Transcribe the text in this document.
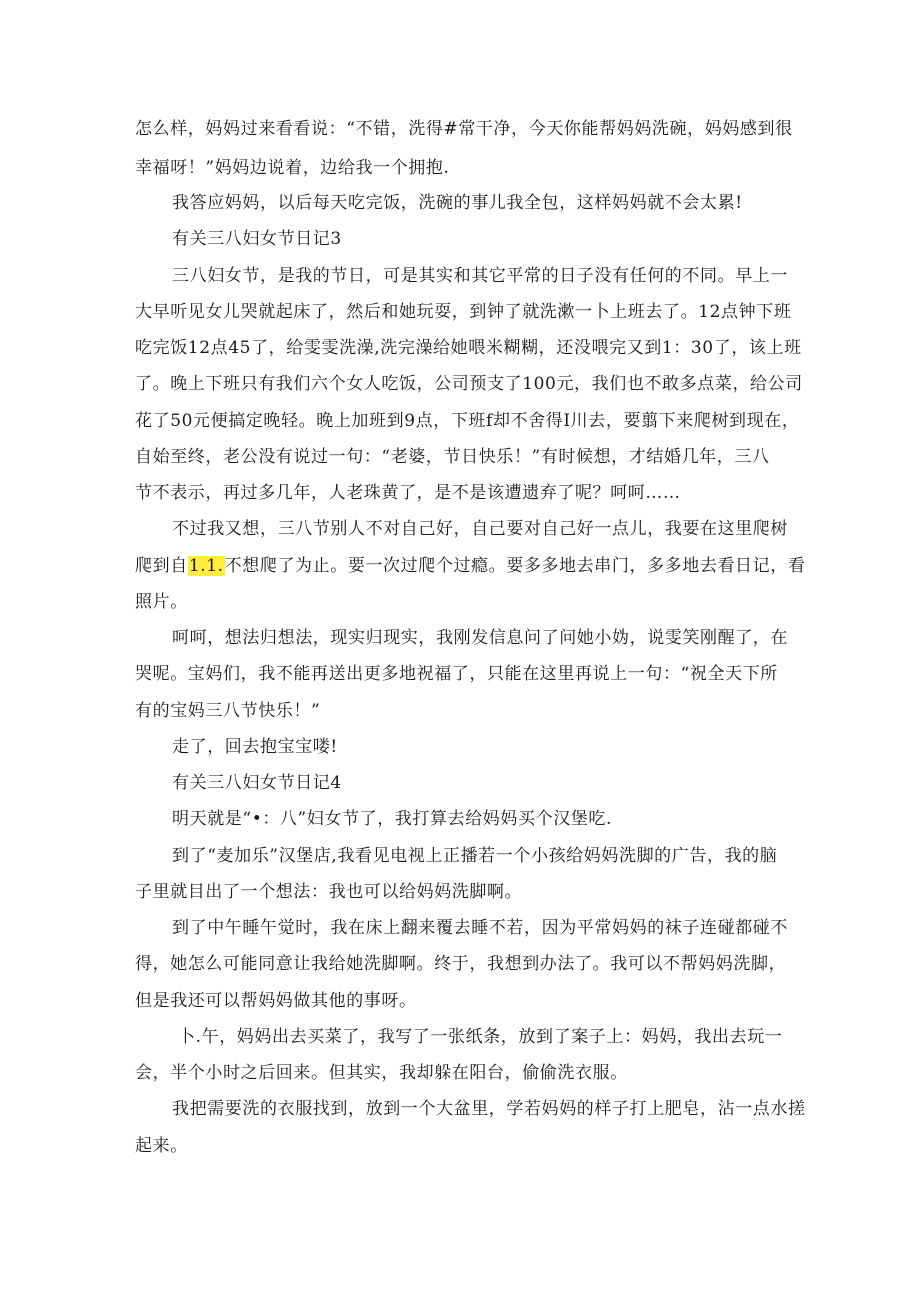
怎么样，妈妈过来看看说：“不错，洗得#常干净，今天你能帮妈妈洗碗，妈妈感到很
幸福呀！”妈妈边说着，边给我一个拥抱.
我答应妈妈，以后每天吃完饭，洗碗的事儿我全包，这样妈妈就不会太累!
有关三八妇女节日记3
三八妇女节，是我的节日，可是其实和其它平常的日子没有任何的不同。早上一
大早听见女儿哭就起床了，然后和她玩耍，到钟了就洗漱一卜上班去了。12点钟下班
吃完饭12点45了，给雯雯洗澡,洗完澡给她喂米糊糊，还没喂完又到1：30了，该上班
了。晚上下班只有我们六个女人吃饭，公司预支了100元，我们也不敢多点菜，给公司
花了50元便搞定晚轻。晚上加班到9点，下班f却不舍得I川去，要翦下来爬树到现在，
自始至终，老公没有说过一句：“老婆，节日快乐！”有时候想，才结婚几年，三八
节不表示，再过多几年，人老珠黄了，是不是该遭遗弃了呢？呵呵……
不过我又想，三八节别人不对自己好，自己要对自己好一点儿，我要在这里爬树
爬到自1.1.不想爬了为止。要一次过爬个过瘾。要多多地去串门，多多地去看日记，看
照片。
呵呵，想法归想法，现实归现实，我刚发信息问了问她小妫，说雯笑刚醒了，在
哭呢。宝妈们，我不能再送出更多地祝福了，只能在这里再说上一句：“祝全天下所
有的宝妈三八节快乐！”
走了，回去抱宝宝喽!
有关三八妇女节日记4
明天就是“•：八”妇女节了，我打算去给妈妈买个汉堡吃.
到了“麦加乐”汉堡店,我看见电视上正播若一个小孩给妈妈洗脚的广告，我的脑
子里就目出了一个想法：我也可以给妈妈洗脚啊。
到了中午睡午觉时，我在床上翻来覆去睡不若，因为平常妈妈的袜子连碰都碰不
得，她怎么可能同意让我给她洗脚啊。终于，我想到办法了。我可以不帮妈妈洗脚，
但是我还可以帮妈妈做其他的事呀。
卜.午，妈妈出去买菜了，我写了一张纸条，放到了案子上：妈妈，我出去玩一
会，半个小时之后回来。但其实，我却躲在阳台，偷偷洗衣服。
我把需要洗的衣服找到，放到一个大盆里，学若妈妈的样子打上肥皂，沾一点水搓
起来。
